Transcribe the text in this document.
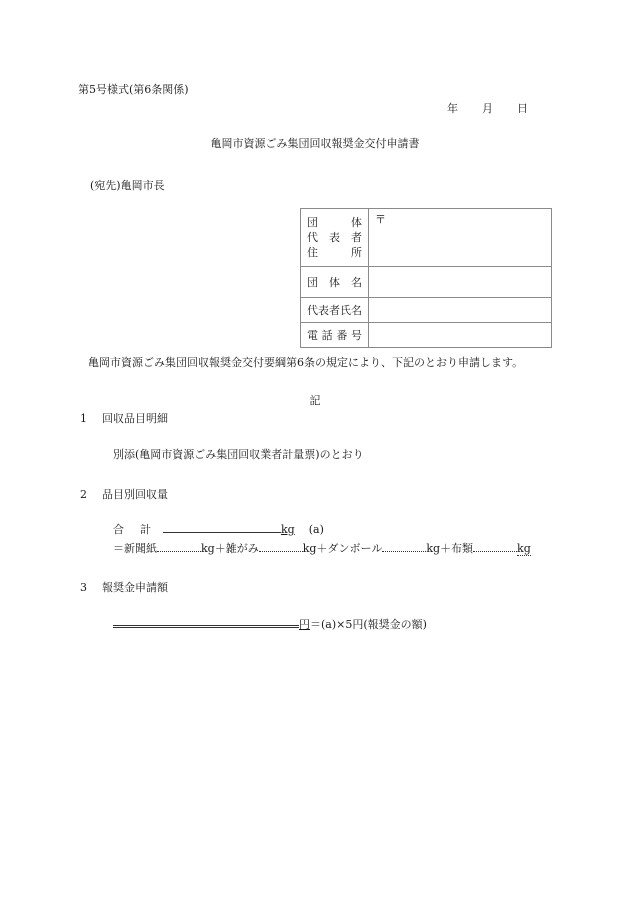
第5号様式(第6条関係)
年 月 日
亀岡市資源ごみ集団回収報奨金交付申請書
(宛先)亀岡市長
団　体
代表者
住　所	〒

団体名	

代表者氏名	

電話番号	

亀岡市資源ごみ集団回収報奨金交付要綱第6条の規定により、下記のとおり申請します。
記
1 回収品目明細
別添(亀岡市資源ごみ集団回収業者計量票)のとおり
2 品目別回収量
合 計	kg (a)
＝新聞紙	kg＋雑がみ	kg＋ダンボール	kg＋布類	kg
3 報奨金申請額
円＝(a)×5円(報奨金の額)
